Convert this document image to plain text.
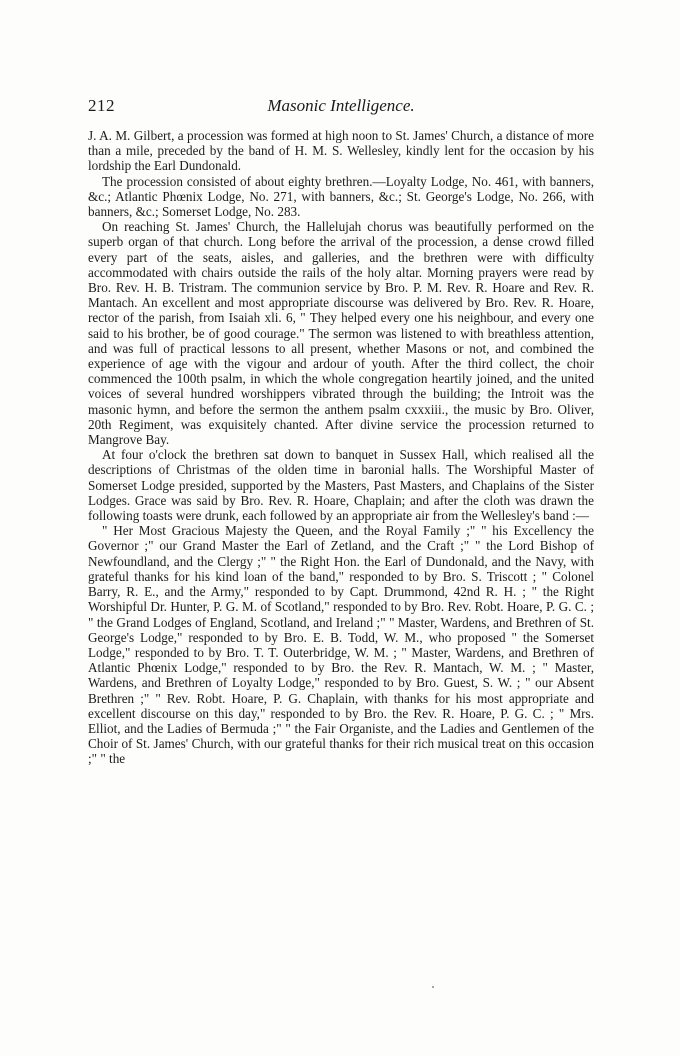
212	Masonic Intelligence.

J. A. M. Gilbert, a procession was formed at high noon to St. James' Church, a distance of more than a mile, preceded by the band of H. M. S. Wellesley, kindly lent for the occasion by his lordship the Earl Dundonald.

The procession consisted of about eighty brethren.—Loyalty Lodge, No. 461, with banners, &c.; Atlantic Phœnix Lodge, No. 271, with banners, &c.; St. George's Lodge, No. 266, with banners, &c.; Somerset Lodge, No. 283.

On reaching St. James' Church, the Hallelujah chorus was beautifully performed on the superb organ of that church. Long before the arrival of the procession, a dense crowd filled every part of the seats, aisles, and galleries, and the brethren were with difficulty accommodated with chairs outside the rails of the holy altar. Morning prayers were read by Bro. Rev. H. B. Tristram. The communion service by Bro. P. M. Rev. R. Hoare and Rev. R. Mantach. An excellent and most appropriate discourse was delivered by Bro. Rev. R. Hoare, rector of the parish, from Isaiah xli. 6, " They helped every one his neighbour, and every one said to his brother, be of good courage." The sermon was listened to with breathless attention, and was full of practical lessons to all present, whether Masons or not, and combined the experience of age with the vigour and ardour of youth. After the third collect, the choir commenced the 100th psalm, in which the whole congregation heartily joined, and the united voices of several hundred worshippers vibrated through the building; the Introit was the masonic hymn, and before the sermon the anthem psalm cxxxiii., the music by Bro. Oliver, 20th Regiment, was exquisitely chanted. After divine service the procession returned to Mangrove Bay.

At four o'clock the brethren sat down to banquet in Sussex Hall, which realised all the descriptions of Christmas of the olden time in baronial halls. The Worshipful Master of Somerset Lodge presided, supported by the Masters, Past Masters, and Chaplains of the Sister Lodges. Grace was said by Bro. Rev. R. Hoare, Chaplain; and after the cloth was drawn the following toasts were drunk, each followed by an appropriate air from the Wellesley's band :—

" Her Most Gracious Majesty the Queen, and the Royal Family ;" " his Excellency the Governor ;" our Grand Master the Earl of Zetland, and the Craft ;" " the Lord Bishop of Newfoundland, and the Clergy ;" " the Right Hon. the Earl of Dundonald, and the Navy, with grateful thanks for his kind loan of the band," responded to by Bro. S. Triscott ; " Colonel Barry, R. E., and the Army," responded to by Capt. Drummond, 42nd R. H. ; " the Right Worshipful Dr. Hunter, P. G. M. of Scotland," responded to by Bro. Rev. Robt. Hoare, P. G. C. ; " the Grand Lodges of England, Scotland, and Ireland ;" " Master, Wardens, and Brethren of St. George's Lodge," responded to by Bro. E. B. Todd, W. M., who proposed " the Somerset Lodge," responded to by Bro. T. T. Outerbridge, W. M. ; " Master, Wardens, and Brethren of Atlantic Phœnix Lodge," responded to by Bro. the Rev. R. Mantach, W. M. ; " Master, Wardens, and Brethren of Loyalty Lodge," responded to by Bro. Guest, S. W. ; " our Absent Brethren ;" " Rev. Robt. Hoare, P. G. Chaplain, with thanks for his most appropriate and excellent discourse on this day," responded to by Bro. the Rev. R. Hoare, P. G. C. ; " Mrs. Elliot, and the Ladies of Bermuda ;" " the Fair Organiste, and the Ladies and Gentlemen of the Choir of St. James' Church, with our grateful thanks for their rich musical treat on this occasion ;" " the
